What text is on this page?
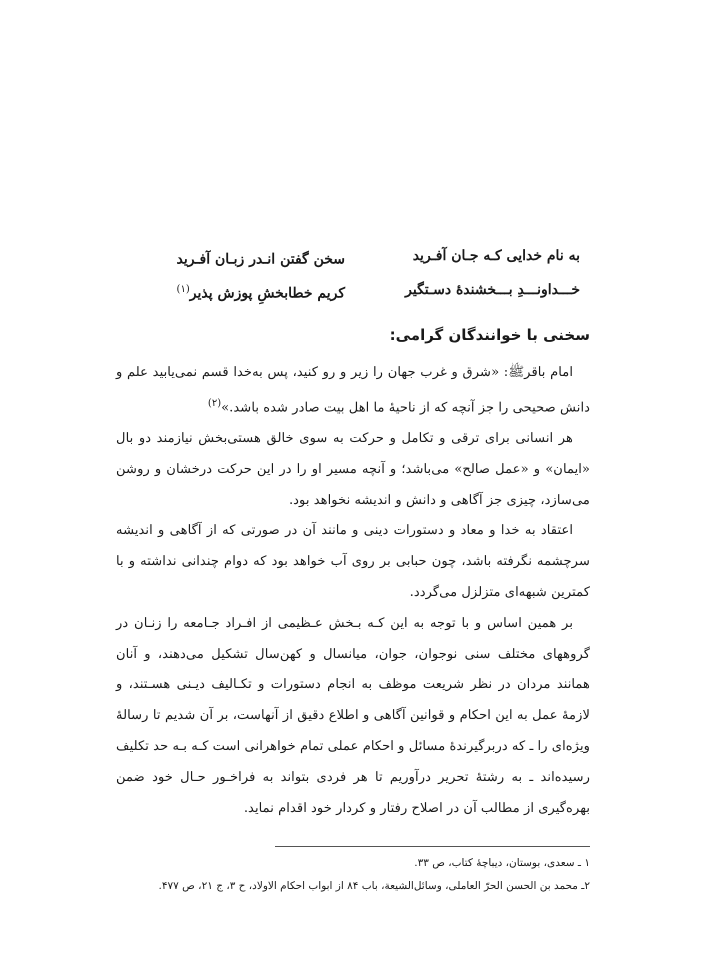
به نام خدایی کـه جـان آفـرید
سخن گفتن انـدر زبـان آفـرید
خـــداونـــدِ بـــخشندهٔ دسـتگیر
کریم خطابخشِ پوزش پذیر$^{(۱)}$
سخنی با خوانندگان گرامی:

امام باقرﷺ: «شرق و غرب جهان را زیر و رو کنید، پس به‌خدا قسم نمی‌یابید علم و دانش صحیحی را جز آنچه که از ناحیهٔ ما اهل بیت صادر شده باشد.»$^{(۲)}$

هر انسانی برای ترقی و تکامل و حرکت به سوی خالق هستی‌بخش نیازمند دو بال «ایمان» و «عمل صالح» می‌باشد؛ و آنچه مسیر او را در این حرکت درخشان و روشن می‌سازد، چیزی جز آگاهی و دانش و اندیشه نخواهد بود.

اعتقاد به خدا و معاد و دستورات دینی و مانند آن در صورتی که از آگاهی و اندیشه سرچشمه نگرفته باشد، چون حبابی بر روی آب خواهد بود که دوام چندانی نداشته و با کمترین شبهه‌ای متزلزل می‌گردد.

بر همین اساس و با توجه به این کـه بـخش عـظیمی از افـراد جـامعه را زنـان در گروههای مختلف سنی نوجوان، جوان، میانسال و کهن‌سال تشکیل می‌دهند، و آنان همانند مردان در نظر شریعت موظف به انجام دستورات و تکـالیف دیـنی هسـتند، و لازمهٔ عمل به این احکام و قوانین آگاهی و اطلاع دقیق از آنهاست، بر آن شدیم تا رسالهٔ ویژه‌ای را ـ که دربرگیرندهٔ مسائل و احکام عملی تمام خواهرانی است کـه بـه حد تکلیف رسیده‌اند ـ به رشتهٔ تحریر درآوریم تا هر فردی بتواند به فراخـور حـال خود ضمن بهره‌گیری از مطالب آن در اصلاح رفتار و کردار خود اقدام نماید.

۱ ـ سعدی، بوستان، دیباچهٔ کتاب، ص ۳۳.
۲ـ محمد بن الحسن الحرّ العاملی، وسائل‌الشیعة، باب ۸۴ از ابواب احکام الاولاد، ح ۳، ج ۲۱، ص ۴۷۷.
